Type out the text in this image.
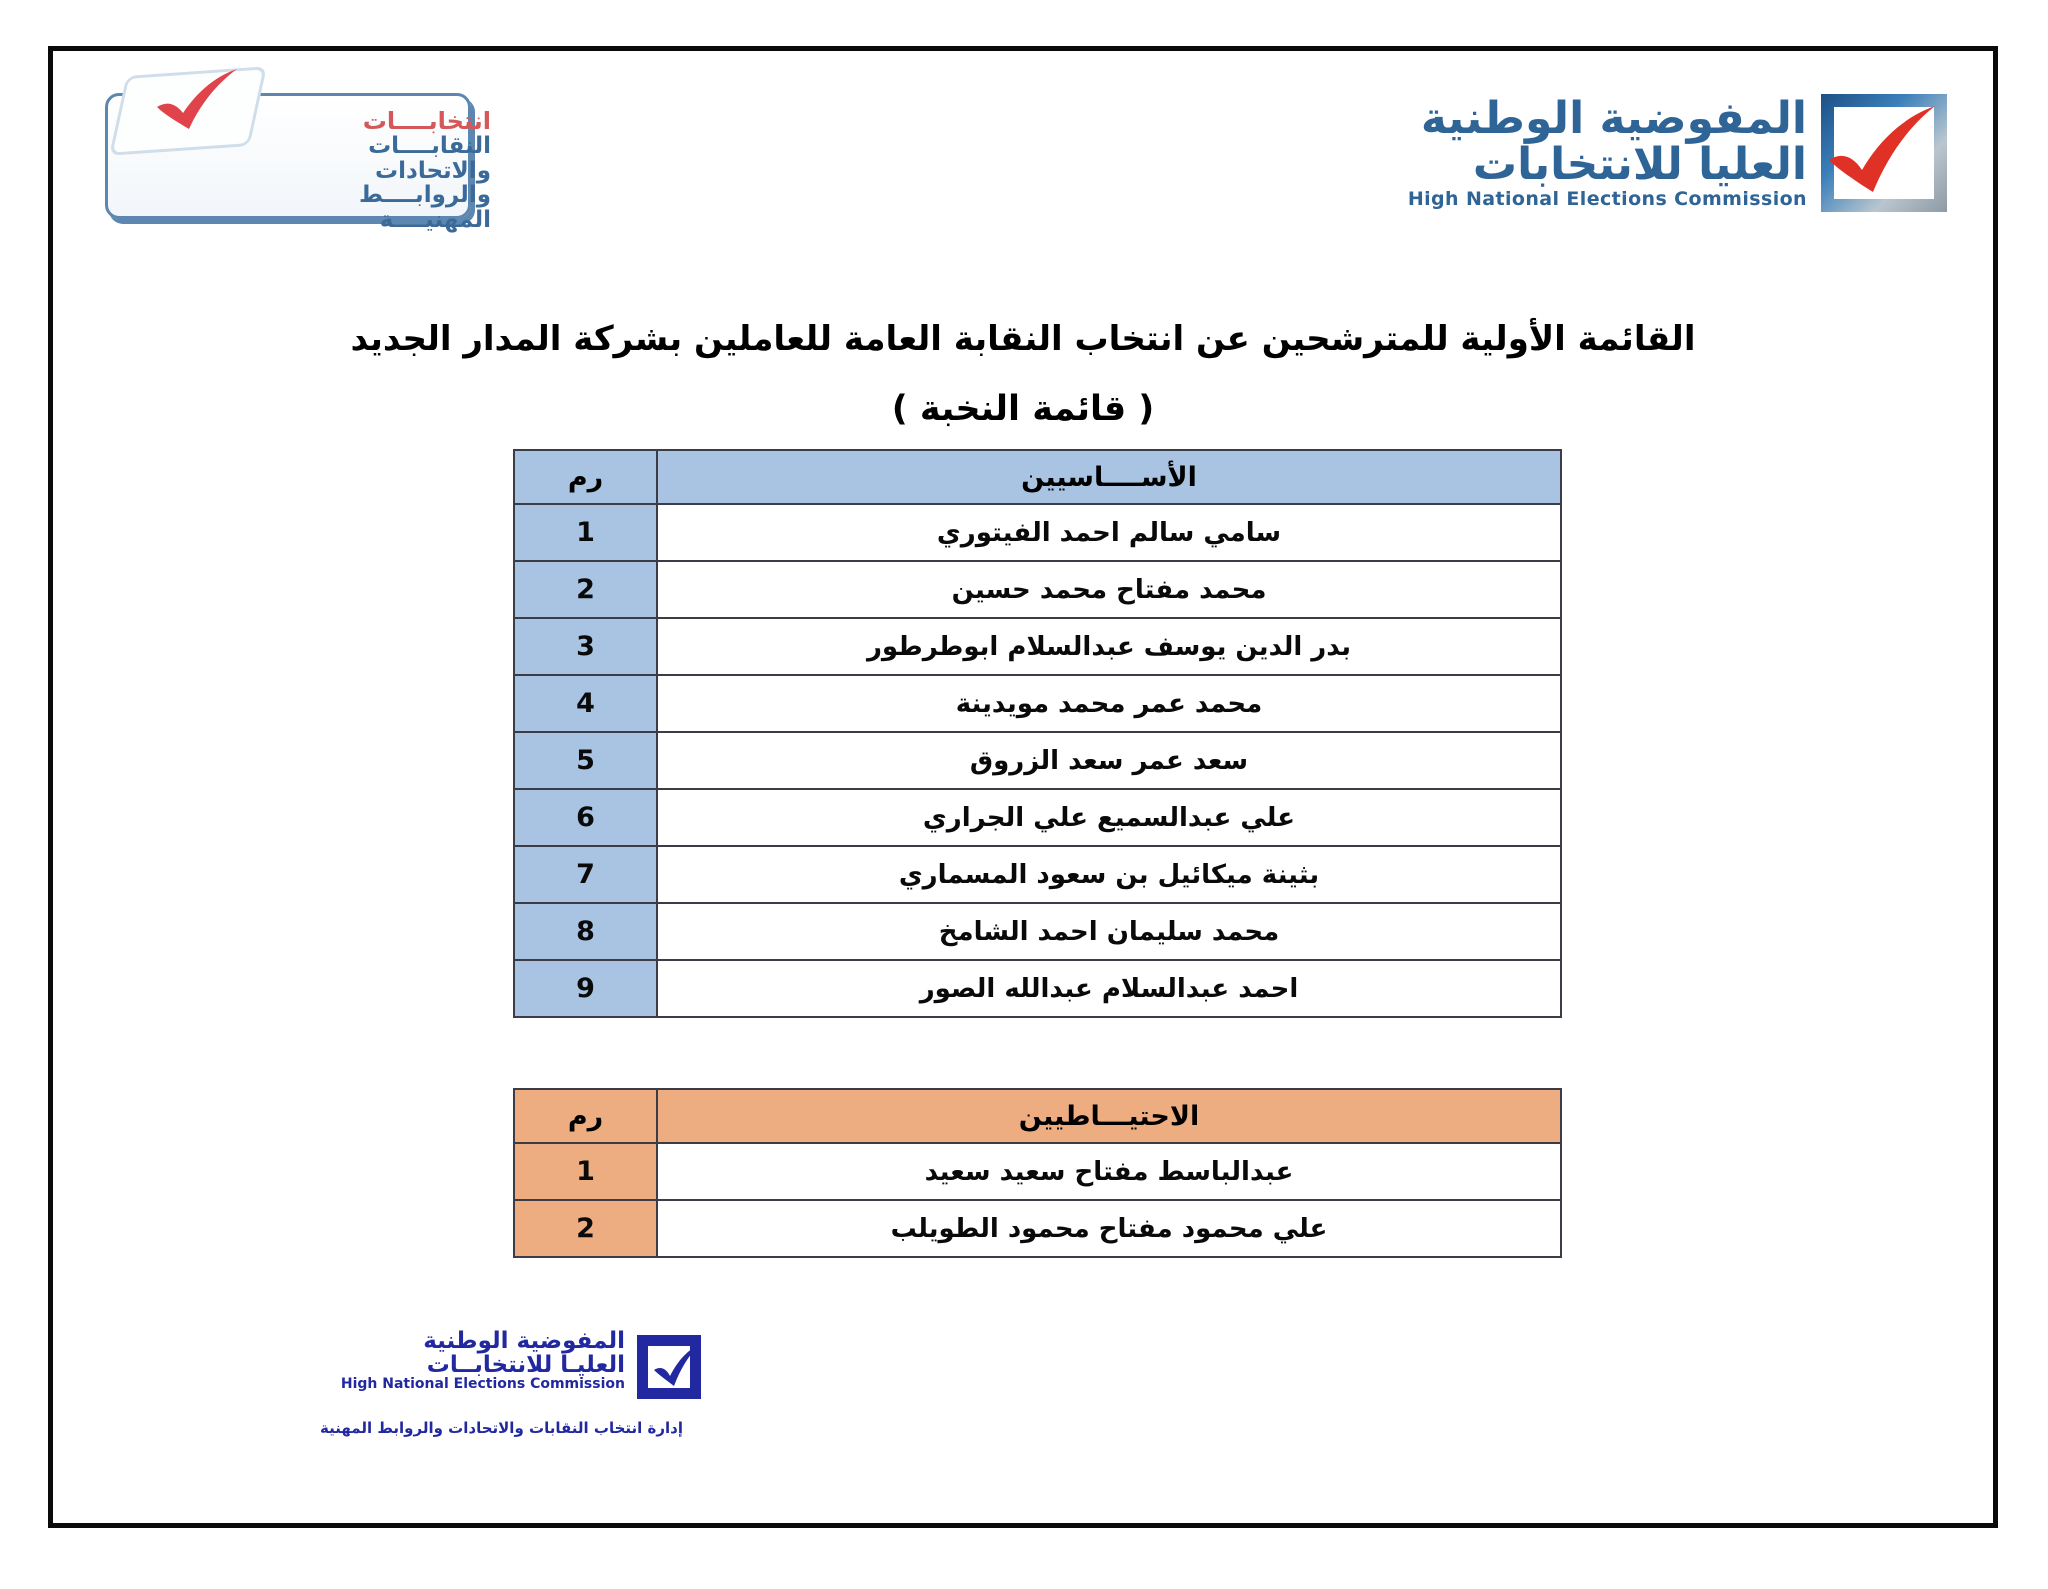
انتخابــــات
النقابــــات والاتحادات
والروابــــط المهنيــــة
المفوضية الوطنية
العليا للانتخابات
High National Elections Commission
القائمة الأولية للمترشحين عن انتخاب النقابة العامة للعاملين بشركة المدار الجديد
( قائمة النخبة )
الأســــاسيين	رم
سامي سالم احمد الفيتوري	1
محمد مفتاح محمد حسين	2
بدر الدين يوسف عبدالسلام ابوطرطور	3
محمد عمر محمد مويدينة	4
سعد عمر سعد الزروق	5
علي عبدالسميع علي الجراري	6
بثينة ميكائيل بن سعود المسماري	7
محمد سليمان احمد الشامخ	8
احمد عبدالسلام عبدالله الصور	9
الاحتيـــاطيين	رم
عبدالباسط مفتاح سعيد سعيد	1
علي محمود مفتاح محمود الطويلب	2
المفوضية الوطنية
العليـا للانتخابــات
High National Elections Commission
إدارة انتخاب النقابات والاتحادات والروابط المهنية
